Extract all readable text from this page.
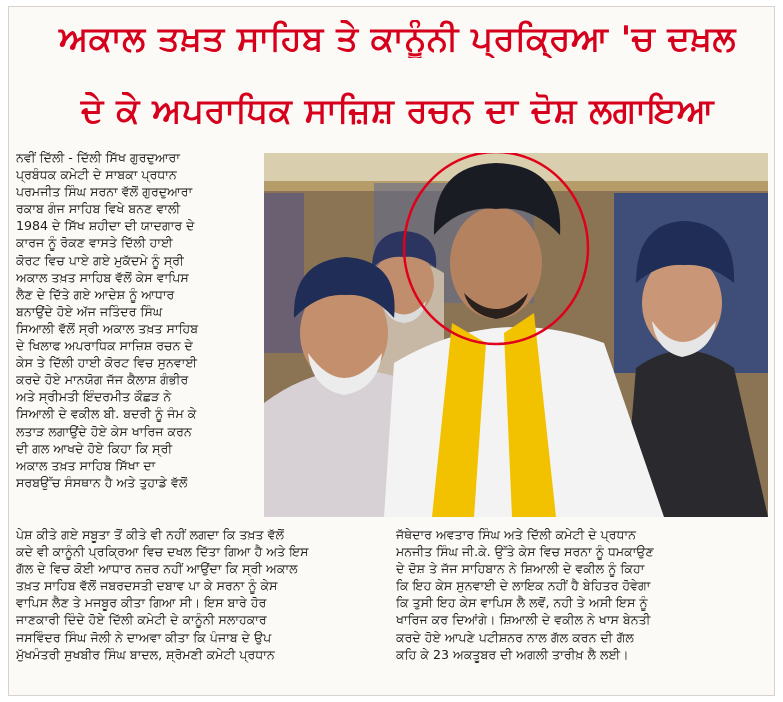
ਅਕਾਲ ਤਖ਼ਤ ਸਾਹਿਬ ਤੇ ਕਾਨੂੰਨੀ ਪ੍ਰਕ੍ਰਿਆ 'ਚ ਦਖ਼ਲ
ਦੇ ਕੇ ਅਪਰਾਧਿਕ ਸਾਜ਼ਿਸ਼ ਰਚਨ ਦਾ ਦੋਸ਼ ਲਗਾਇਆ
ਨਵੀਂ ਦਿੱਲੀ - ਦਿੱਲੀ ਸਿੱਖ ਗੁਰਦੁਆਰਾ
ਪ੍ਰਬੰਧਕ ਕਮੇਟੀ ਦੇ ਸਾਬਕਾ ਪ੍ਰਧਾਨ
ਪਰਮਜੀਤ ਸਿੰਘ ਸਰਨਾ ਵੱਲੋਂ ਗੁਰਦੁਆਰਾ
ਰਕਾਬ ਗੰਜ ਸਾਹਿਬ ਵਿਖੇ ਬਨਣ ਵਾਲੀ
1984 ਦੇ ਸਿੱਖ ਸ਼ਹੀਦਾ ਦੀ ਯਾਦਗਾਰ ਦੇ
ਕਾਰਜ ਨੂੰ ਰੋਕਣ ਵਾਸਤੇ ਦਿੱਲੀ ਹਾਈ
ਕੋਰਟ ਵਿਚ ਪਾਏ ਗਏ ਮੁਕੱਦਮੇ ਨੂੰ ਸ੍ਰੀ
ਅਕਾਲ ਤਖ਼ਤ ਸਾਹਿਬ ਵੱਲੋਂ ਕੇਸ ਵਾਪਿਸ
ਲੈਣ ਦੇ ਦਿੱਤੇ ਗਏ ਆਦੇਸ਼ ਨੂੰ ਆਧਾਰ
ਬਨਾਉਂਦੇ ਹੋਏ ਅੱਜ ਜਤਿੰਦਰ ਸਿੰਘ
ਸਿਆਲੀ ਵੱਲੋਂ ਸ੍ਰੀ ਅਕਾਲ ਤਖ਼ਤ ਸਾਹਿਬ
ਦੇ ਖਿਲਾਫ ਅਪਰਾਧਿਕ ਸਾਜ਼ਿਸ਼ ਰਚਨ ਦੇ
ਕੇਸ ਤੇ ਦਿੱਲੀ ਹਾਈ ਕੋਰਟ ਵਿਚ ਸੁਨਵਾਈ
ਕਰਦੇ ਹੋਏ ਮਾਨਯੋਗ ਜੱਜ ਕੈਲਾਸ਼ ਗੰਭੀਰ
ਅਤੇ ਸ੍ਰੀਮਤੀ ਇੰਦਰਮੀਤ ਕੌਛੜ ਨੇ
ਸਿਆਲੀ ਦੇ ਵਕੀਲ ਬੀ. ਬਦਰੀ ਨੂੰ ਜੰਮ ਕੇ
ਲਤਾੜ ਲਗਾਉਂਦੇ ਹੋਏ ਕੇਸ ਖਾਰਿਜ ਕਰਨ
ਦੀ ਗਲ ਆਖਦੇ ਹੋਏ ਕਿਹਾ ਕਿ ਸ੍ਰੀ
ਅਕਾਲ ਤਖ਼ਤ ਸਾਹਿਬ ਸਿੱਖਾ ਦਾ
ਸਰਬਉੱਚ ਸੰਸਥਾਨ ਹੈ ਅਤੇ ਤੁਹਾਡੇ ਵੱਲੋਂ
ਪੇਸ਼ ਕੀਤੇ ਗਏ ਸਬੂਤਾ ਤੋਂ ਕੀਤੇ ਵੀ ਨਹੀਂ ਲਗਦਾ ਕਿ ਤਖ਼ਤ ਵੱਲੋਂ
ਕਦੇ ਵੀ ਕਾਨੂੰਨੀ ਪ੍ਰਕ੍ਰਿਆ ਵਿਚ ਦਖਲ ਦਿੱਤਾ ਗਿਆ ਹੈ ਅਤੇ ਇਸ
ਗੱਲ ਦੇ ਵਿਚ ਕੋਈ ਆਧਾਰ ਨਜ਼ਰ ਨਹੀਂ ਆਉਂਦਾ ਕਿ ਸ੍ਰੀ ਅਕਾਲ
ਤਖ਼ਤ ਸਾਹਿਬ ਵੱਲੋਂ ਜਬਰਦਸਤੀ ਦਬਾਵ ਪਾ ਕੇ ਸਰਨਾ ਨੂੰ ਕੇਸ
ਵਾਪਿਸ ਲੈਣ ਤੇ ਮਜਬੂਰ ਕੀਤਾ ਗਿਆ ਸੀ। ਇਸ ਬਾਰੇ ਹੋਰ
ਜਾਣਕਾਰੀ ਦਿੰਦੇ ਹੋਏ ਦਿੱਲੀ ਕਮੇਟੀ ਦੇ ਕਾਨੂੰਨੀ ਸਲਾਹਕਾਰ
ਜਸਵਿੰਦਰ ਸਿੰਘ ਜੋਲੀ ਨੇ ਦਾਅਵਾ ਕੀਤਾ ਕਿ ਪੰਜਾਬ ਦੇ ਉਪ
ਮੁੱਖਮੰਤਰੀ ਸੁਖਬੀਰ ਸਿੰਘ ਬਾਦਲ, ਸ਼੍ਰੋਮਣੀ ਕਮੇਟੀ ਪ੍ਰਧਾਨ
ਜੱਥੇਦਾਰ ਅਵਤਾਰ ਸਿੰਘ ਅਤੇ ਦਿੱਲੀ ਕਮੇਟੀ ਦੇ ਪ੍ਰਧਾਨ
ਮਨਜੀਤ ਸਿੰਘ ਜੀ.ਕੇ. ਉੱਤੇ ਕੇਸ ਵਿਚ ਸਰਨਾ ਨੂੰ ਧਮਕਾਉਣ
ਦੇ ਦੋਸ਼ ਤੇ ਜੱਜ ਸਾਹਿਬਾਨ ਨੇ ਸ਼ਿਆਲੀ ਦੇ ਵਕੀਲ ਨੂੰ ਕਿਹਾ
ਕਿ ਇਹ ਕੇਸ ਸੁਨਵਾਈ ਦੇ ਲਾਇਕ ਨਹੀਂ ਹੈ ਬੇਹਿਤਰ ਹੋਵੇਗਾ
ਕਿ ਤੁਸੀ ਇਹ ਕੇਸ ਵਾਪਿਸ ਲੈ ਲਵੋਂ, ਨਹੀ ਤੇ ਅਸੀ ਇਸ ਨੂੰ
ਖਾਰਿਜ ਕਰ ਦਿਆਂਗੇ। ਸ਼ਿਆਲੀ ਦੇ ਵਕੀਲ ਨੇ ਖਾਸ ਬੇਨਤੀ
ਕਰਦੇ ਹੋਏ ਆਪਣੇ ਪਟੀਸ਼ਨਰ ਨਾਲ ਗੱਲ ਕਰਨ ਦੀ ਗੱਲ
ਕਹਿ ਕੇ 23 ਅਕਤੂਬਰ ਦੀ ਅਗਲੀ ਤਾਰੀਖ਼ ਲੈ ਲਈ।
